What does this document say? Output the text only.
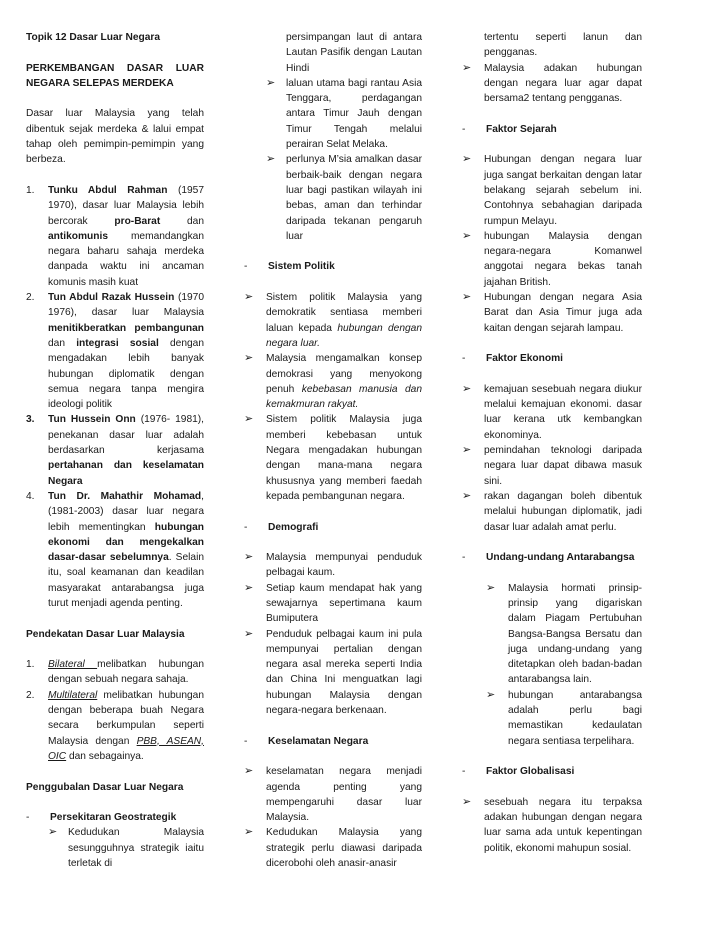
Topik 12 Dasar Luar Negara

PERKEMBANGAN DASAR LUAR NEGARA SELEPAS MERDEKA

Dasar luar Malaysia yang telah dibentuk sejak merdeka & lalui empat tahap oleh pemimpin-pemimpin yang berbeza.

1. Tunku Abdul Rahman (1957 1970), dasar luar Malaysia lebih bercorak pro-Barat dan antikomunis memandangkan negara baharu sahaja merdeka danpada waktu ini ancaman komunis masih kuat
2. Tun Abdul Razak Hussein (1970 1976), dasar luar Malaysia menitikberatkan pembangunan dan integrasi sosial dengan mengadakan lebih banyak hubungan diplomatik dengan semua negara tanpa mengira ideologi politik
3. Tun Hussein Onn (1976- 1981), penekanan dasar luar adalah berdasarkan kerjasama pertahanan dan keselamatan Negara
4. Tun Dr. Mahathir Mohamad, (1981-2003) dasar luar negara lebih mementingkan hubungan ekonomi dan mengekalkan dasar-dasar sebelumnya. Selain itu, soal keamanan dan keadilan masyarakat antarabangsa juga turut menjadi agenda penting.

Pendekatan Dasar Luar Malaysia

1. Bilateral melibatkan hubungan dengan sebuah negara sahaja.
2. Multilateral melibatkan hubungan dengan beberapa buah Negara secara berkumpulan seperti Malaysia dengan PBB, ASEAN, OIC dan sebagainya.

Penggubalan Dasar Luar Negara

- Persekitaran Geostrategik
➢ Kedudukan Malaysia sesungguhnya strategik iaitu terletak di
persimpangan laut di antara Lautan Pasifik dengan Lautan Hindi
➢ laluan utama bagi rantau Asia Tenggara, perdagangan antara Timur Jauh dengan Timur Tengah melalui perairan Selat Melaka.
➢ perlunya M’sia amalkan dasar berbaik-baik dengan negara luar bagi pastikan wilayah ini bebas, aman dan terhindar daripada tekanan pengaruh luar
- Sistem Politik
➢ Sistem politik Malaysia yang demokratik sentiasa memberi laluan kepada hubungan dengan negara luar.
➢ Malaysia mengamalkan konsep demokrasi yang menyokong penuh kebebasan manusia dan kemakmuran rakyat.
➢ Sistem politik Malaysia juga memberi kebebasan untuk Negara mengadakan hubungan dengan mana-mana negara khususnya yang memberi faedah kepada pembangunan negara.
- Demografi
➢ Malaysia mempunyai penduduk pelbagai kaum.
➢ Setiap kaum mendapat hak yang sewajarnya sepertimana kaum Bumiputera
➢ Penduduk pelbagai kaum ini pula mempunyai pertalian dengan negara asal mereka seperti India dan China Ini menguatkan lagi hubungan Malaysia dengan negara-negara berkenaan.
- Keselamatan Negara
➢ keselamatan negara menjadi agenda penting yang mempengaruhi dasar luar Malaysia.
➢ Kedudukan Malaysia yang strategik perlu diawasi daripada dicerobohi oleh anasir-anasir
tertentu seperti lanun dan pengganas.
➢ Malaysia adakan hubungan dengan negara luar agar dapat bersama2 tentang pengganas.
- Faktor Sejarah
➢ Hubungan dengan negara luar juga sangat berkaitan dengan latar belakang sejarah sebelum ini. Contohnya sebahagian daripada rumpun Melayu.
➢ hubungan Malaysia dengan negara-negara Komanwel anggotai negara bekas tanah jajahan British.
➢ Hubungan dengan negara Asia Barat dan Asia Timur juga ada kaitan dengan sejarah lampau.
- Faktor Ekonomi
➢ kemajuan sesebuah negara diukur melalui kemajuan ekonomi. dasar luar kerana utk kembangkan ekonominya.
➢ pemindahan teknologi daripada negara luar dapat dibawa masuk sini.
➢ rakan dagangan boleh dibentuk melalui hubungan diplomatik, jadi dasar luar adalah amat perlu.
- Undang-undang Antarabangsa
➢ Malaysia hormati prinsip-prinsip yang digariskan dalam Piagam Pertubuhan Bangsa-Bangsa Bersatu dan juga undang-undang yang ditetapkan oleh badan-badan antarabangsa lain.
➢ hubungan antarabangsa adalah perlu bagi memastikan kedaulatan negara sentiasa terpelihara.
- Faktor Globalisasi
➢ sesebuah negara itu terpaksa adakan hubungan dengan negara luar sama ada untuk kepentingan politik, ekonomi mahupun sosial.
